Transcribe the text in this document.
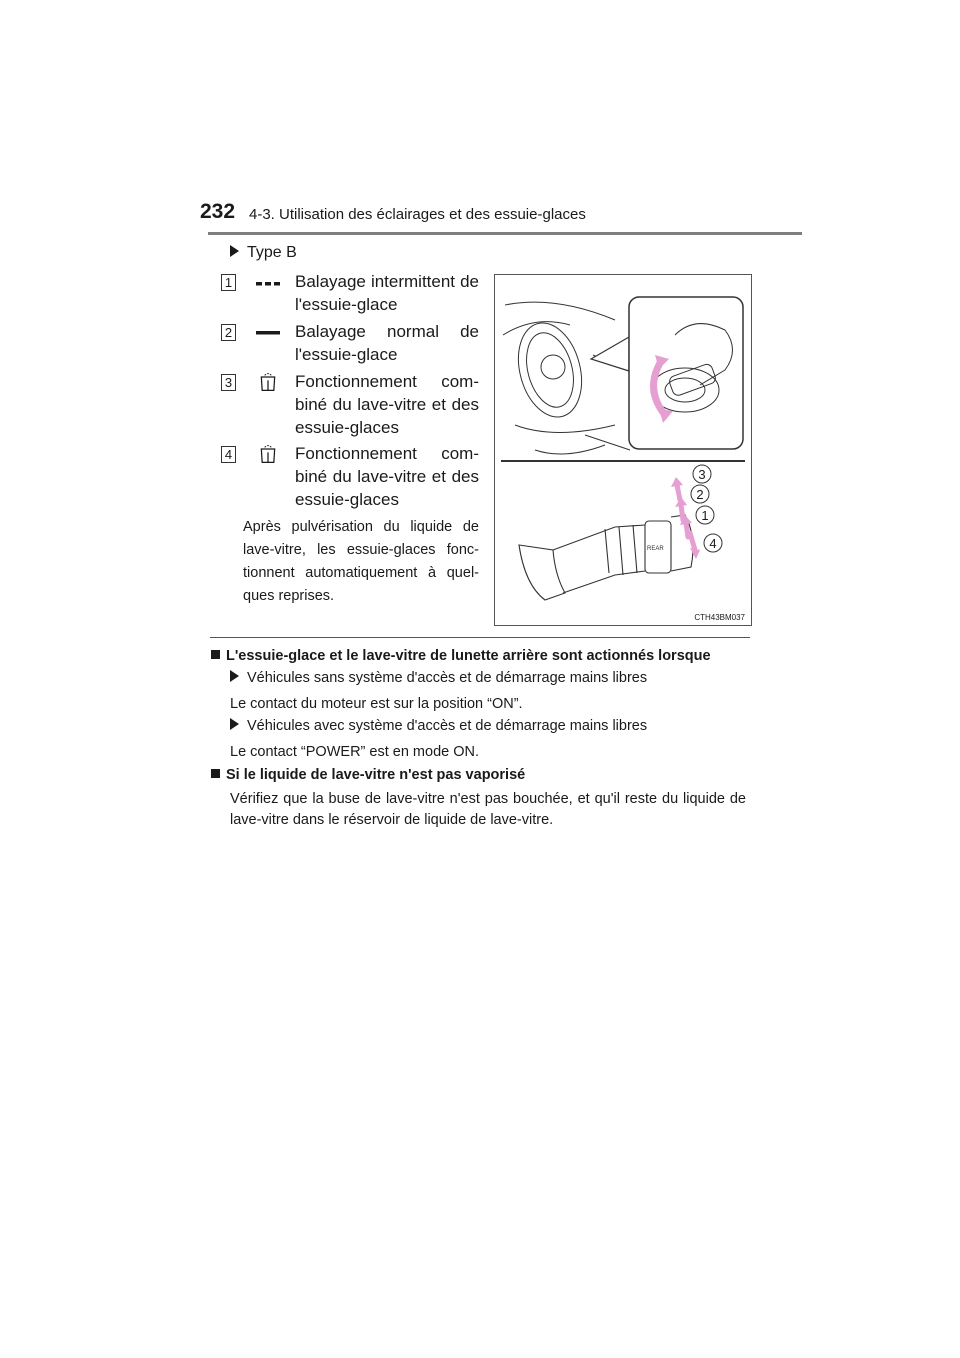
232 4-3. Utilisation des éclairages et des essuie-glaces
Type B
1	Balayage intermittent de l'essuie-glace
2	Balayage normal de l'essuie-glace
3	Fonctionnement com-biné du lave-vitre et des essuie-glaces
4	Fonctionnement com-biné du lave-vitre et des essuie-glaces
Après pulvérisation du liquide de lave-vitre, les essuie-glaces fonc-tionnent automatiquement à quel-ques reprises.
REAR
3
2
1
4
CTH43BM037
L'essuie-glace et le lave-vitre de lunette arrière sont actionnés lorsque
Véhicules sans système d'accès et de démarrage mains libres
Le contact du moteur est sur la position “ON”.
Véhicules avec système d'accès et de démarrage mains libres
Le contact “POWER” est en mode ON.
Si le liquide de lave-vitre n'est pas vaporisé
Vérifiez que la buse de lave-vitre n'est pas bouchée, et qu'il reste du liquide de lave-vitre dans le réservoir de liquide de lave-vitre.
